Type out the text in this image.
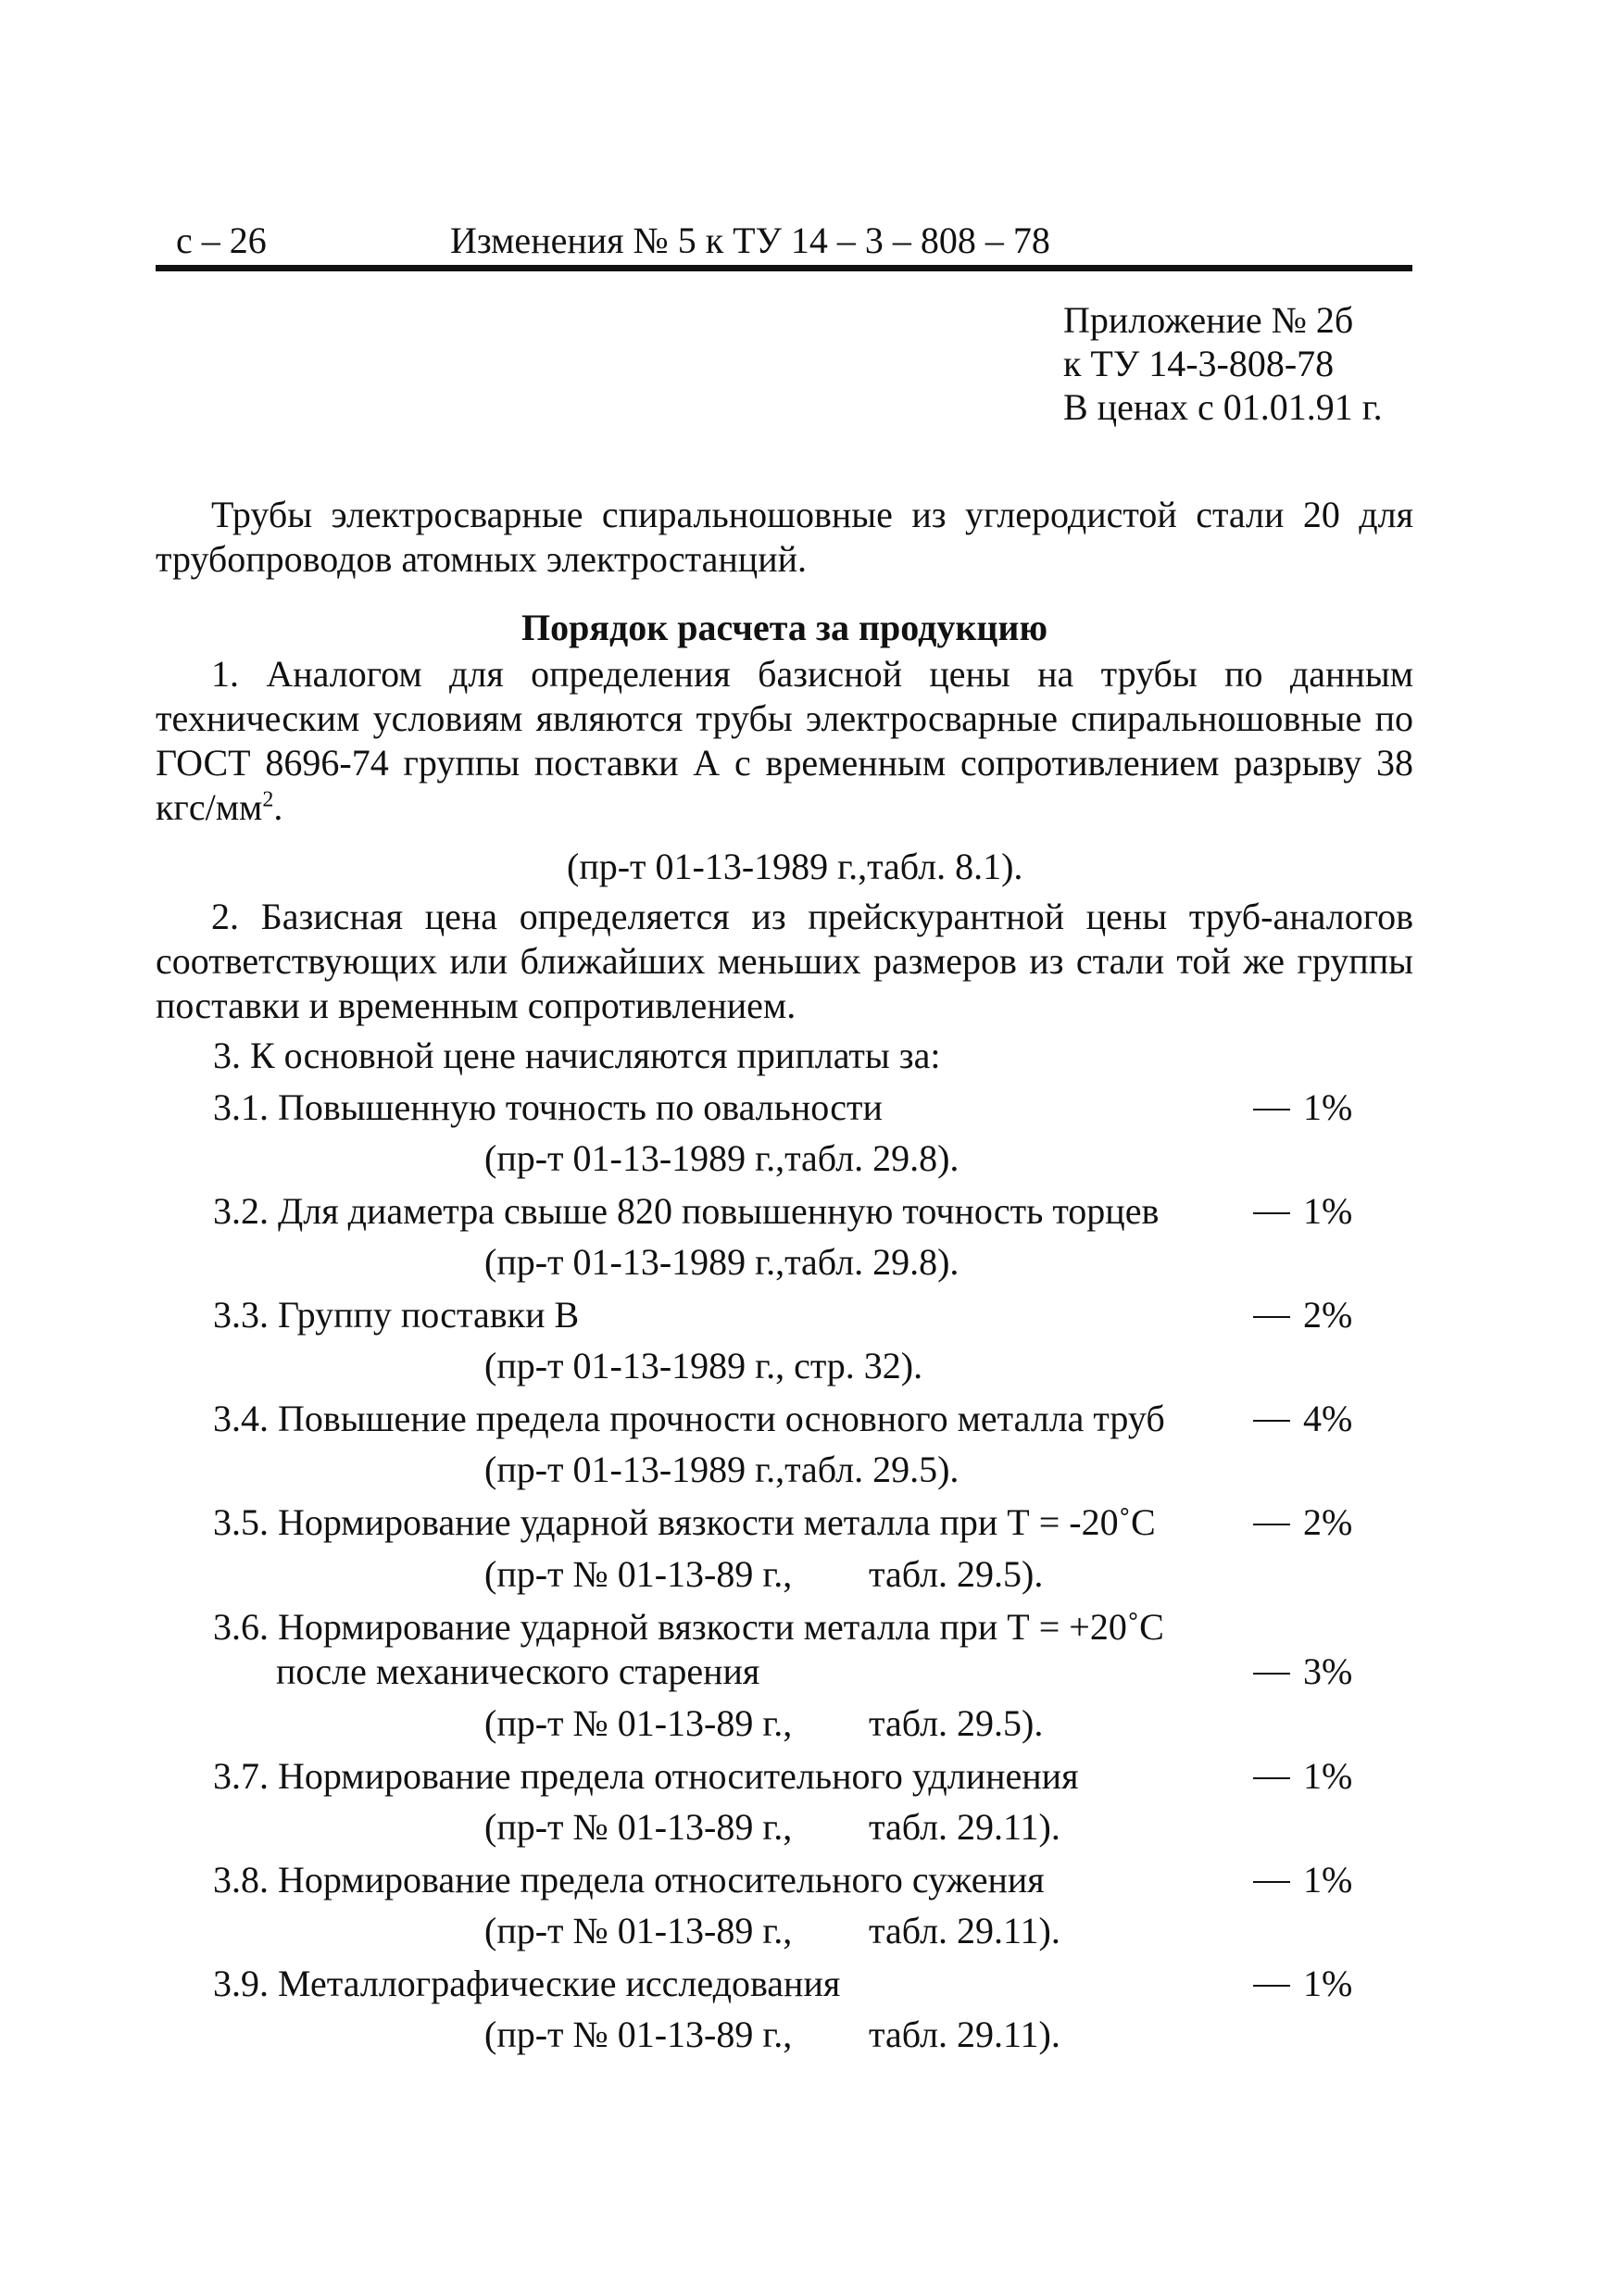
с – 26	Изменения № 5 к ТУ 14 – 3 – 808 – 78
Приложение № 2б
к ТУ 14-3-808-78
В ценах с 01.01.91 г.

Трубы электросварные спиральношовные из углеродистой стали 20 для трубопроводов атомных электростанций.

Порядок расчета за продукцию

1. Аналогом для определения базисной цены на трубы по данным техническим условиям являются трубы электросварные спиральношовные по ГОСТ 8696-74 группы поставки А с временным сопротивлением разрыву 38 кгс/$мм^2$.

(пр-т 01-13-1989 г.,табл. 8.1).

2. Базисная цена определяется из прейскурантной цены труб-аналогов соответствующих или ближайших меньших размеров из стали той же группы поставки и временным сопротивлением.

3. К основной цене начисляются приплаты за:
3.1. Повышенную точность по овальности	1%
(пр-т 01-13-1989 г.,табл. 29.8).
3.2. Для диаметра свыше 820 повышенную точность торцев	1%
(пр-т 01-13-1989 г.,табл. 29.8).
3.3. Группу поставки В	2%
(пр-т 01-13-1989 г., стр. 32).
3.4. Повышение предела прочности основного металла труб	4%
(пр-т 01-13-1989 г.,табл. 29.5).
3.5. Нормирование ударной вязкости металла при Т = -20˚С	2%
(пр-т № 01-13-89 г., табл. 29.5).
3.6. Нормирование ударной вязкости металла при Т = +20˚С
после механического старения	3%
(пр-т № 01-13-89 г., табл. 29.5).
3.7. Нормирование предела относительного удлинения	1%
(пр-т № 01-13-89 г., табл. 29.11).
3.8. Нормирование предела относительного сужения	1%
(пр-т № 01-13-89 г., табл. 29.11).
3.9. Металлографические исследования	1%
(пр-т № 01-13-89 г., табл. 29.11).
